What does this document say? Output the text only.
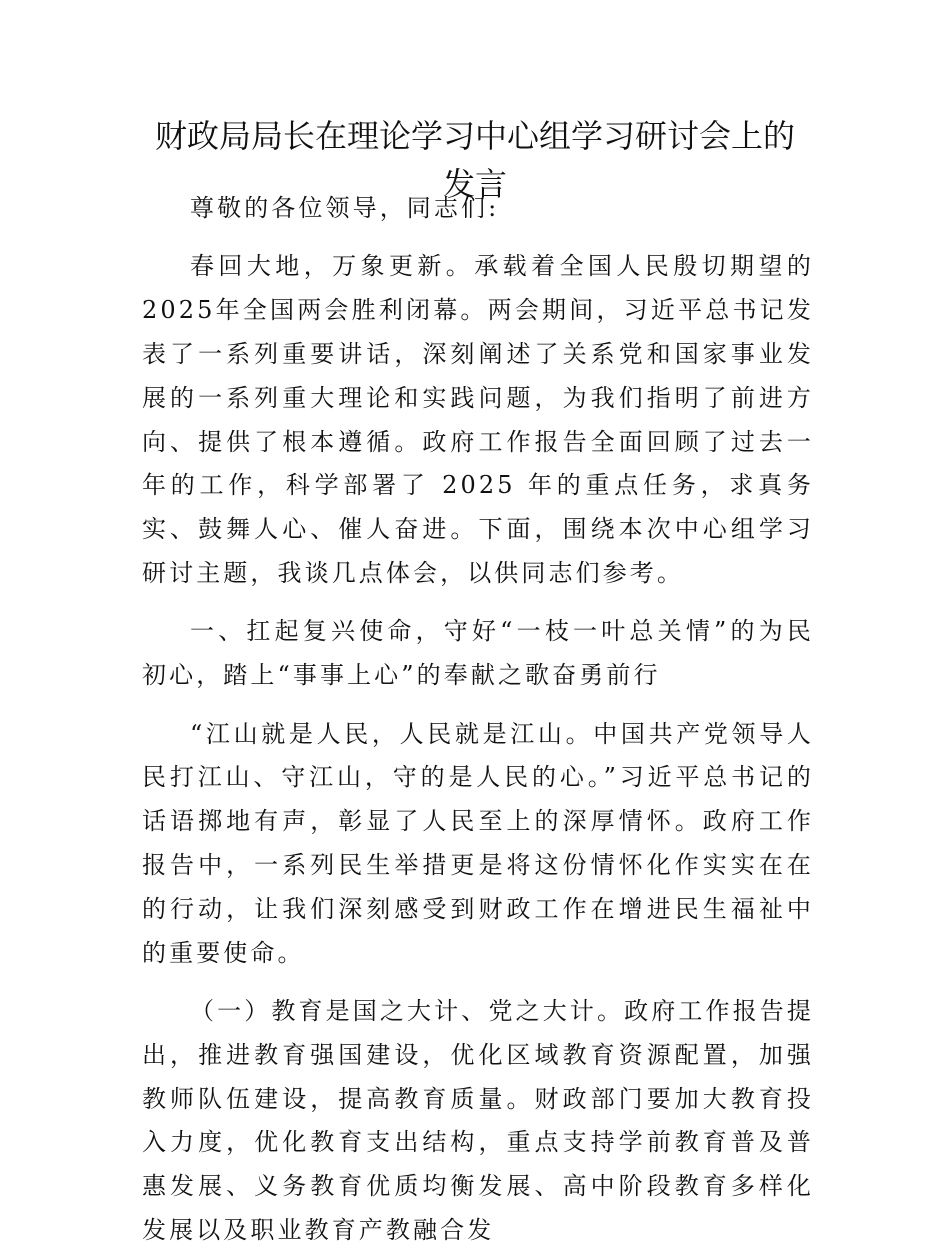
财政局局长在理论学习中心组学习研讨会上的
发言

尊敬的各位领导，同志们:

春回大地，万象更新。承载着全国人民殷切期望的 2025年全国两会胜利闭幕。两会期间，习近平总书记发表了一系列重要讲话，深刻阐述了关系党和国家事业发展的一系列重大理论和实践问题，为我们指明了前进方向、提供了根本遵循。政府工作报告全面回顾了过去一年的工作，科学部署了 2025 年的重点任务，求真务实、鼓舞人心、催人奋进。下面，围绕本次中心组学习研讨主题，我谈几点体会，以供同志们参考。

一、扛起复兴使命，守好“一枝一叶总关情”的为民初心，踏上“事事上心”的奉献之歌奋勇前行

“江山就是人民，人民就是江山。中国共产党领导人民打江山、守江山，守的是人民的心。”习近平总书记的话语掷地有声，彰显了人民至上的深厚情怀。政府工作报告中，一系列民生举措更是将这份情怀化作实实在在的行动，让我们深刻感受到财政工作在增进民生福祉中的重要使命。

（一）教育是国之大计、党之大计。政府工作报告提出，推进教育强国建设，优化区域教育资源配置，加强教师队伍建设，提高教育质量。财政部门要加大教育投入力度，优化教育支出结构，重点支持学前教育普及普惠发展、义务教育优质均衡发展、高中阶段教育多样化发展以及职业教育产教融合发
